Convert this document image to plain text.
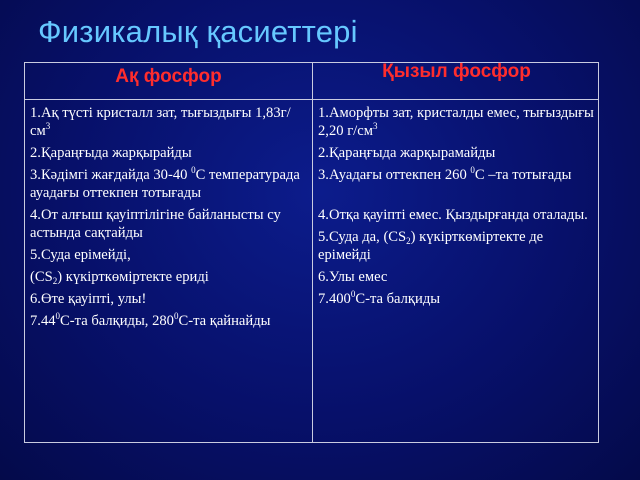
Физикалық қасиеттері
Ақ фосфор	Қызыл фосфор
1.Ақ түсті кристалл зат, тығыздығы $1,83г/см^3$
2.Қараңғыда жарқырайды
3.Кәдімгі жағдайда 30-40 $^0$С температурада ауадағы оттекпен тотығады
4.От алғыш қауіптілігіне байланысты су астында сақтайды
5.Суда ерімейді,
$(CS_2)$ күкірткөміртекте ериді
6.Өте қауіпті, улы!
7.44$^0$С-та балқиды, $280^0С-та$ қайнайды
1.Аморфты зат, кристалды емес, тығыздығы 2,20 $г/см^3$
2.Қараңғыда жарқырамайды
3.Ауадағы оттекпен 260 $^0$С –та тотығады
4.Отқа қауіпті емес. Қыздырғанда оталады.
5.Суда да, $(CS_2)$ күкірткөміртекте де ерімейді
6.Улы емес
7.400$^0$С-та балқиды
